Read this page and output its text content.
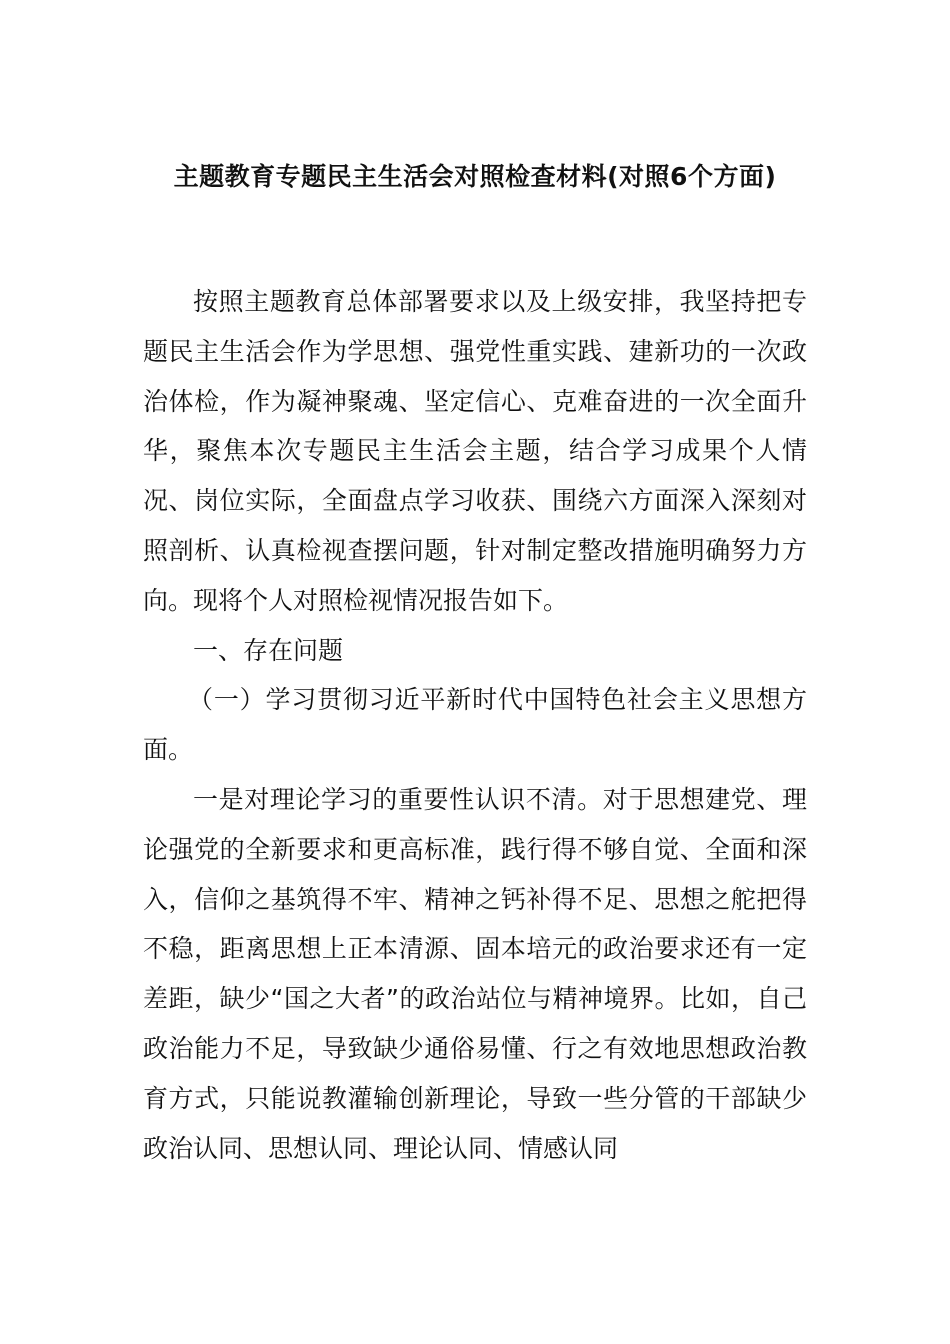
主题教育专题民主生活会对照检查材料(对照6个方面)

按照主题教育总体部署要求以及上级安排，我坚持把专题民主生活会作为学思想、强党性重实践、建新功的一次政治体检，作为凝神聚魂、坚定信心、克难奋进的一次全面升华，聚焦本次专题民主生活会主题，结合学习成果个人情况、岗位实际，全面盘点学习收获、围绕六方面深入深刻对照剖析、认真检视查摆问题，针对制定整改措施明确努力方向。现将个人对照检视情况报告如下。

一、存在问题

（一）学习贯彻习近平新时代中国特色社会主义思想方面。

一是对理论学习的重要性认识不清。对于思想建党、理论强党的全新要求和更高标准，践行得不够自觉、全面和深入，信仰之基筑得不牢、精神之钙补得不足、思想之舵把得不稳，距离思想上正本清源、固本培元的政治要求还有一定差距，缺少“国之大者”的政治站位与精神境界。比如，自己政治能力不足，导致缺少通俗易懂、行之有效地思想政治教育方式，只能说教灌输创新理论，导致一些分管的干部缺少政治认同、思想认同、理论认同、情感认同
